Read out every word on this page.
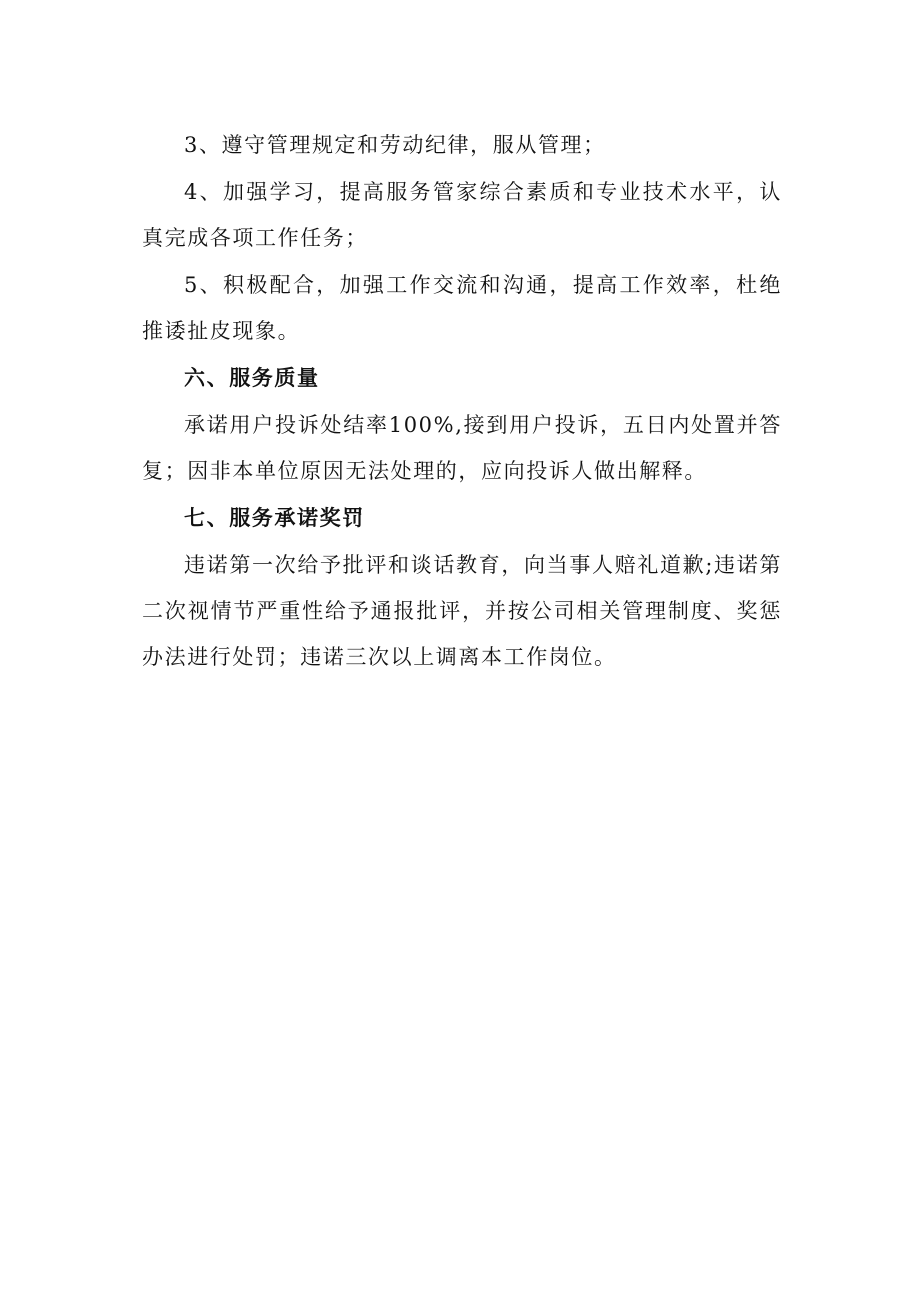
3、遵守管理规定和劳动纪律，服从管理；

4、加强学习，提高服务管家综合素质和专业技术水平，认真完成各项工作任务；

5、积极配合，加强工作交流和沟通，提高工作效率，杜绝推诿扯皮现象。

六、服务质量

承诺用户投诉处结率100%,接到用户投诉，五日内处置并答复；因非本单位原因无法处理的，应向投诉人做出解释。

七、服务承诺奖罚

违诺第一次给予批评和谈话教育，向当事人赔礼道歉;违诺第二次视情节严重性给予通报批评，并按公司相关管理制度、奖惩办法进行处罚；违诺三次以上调离本工作岗位。
